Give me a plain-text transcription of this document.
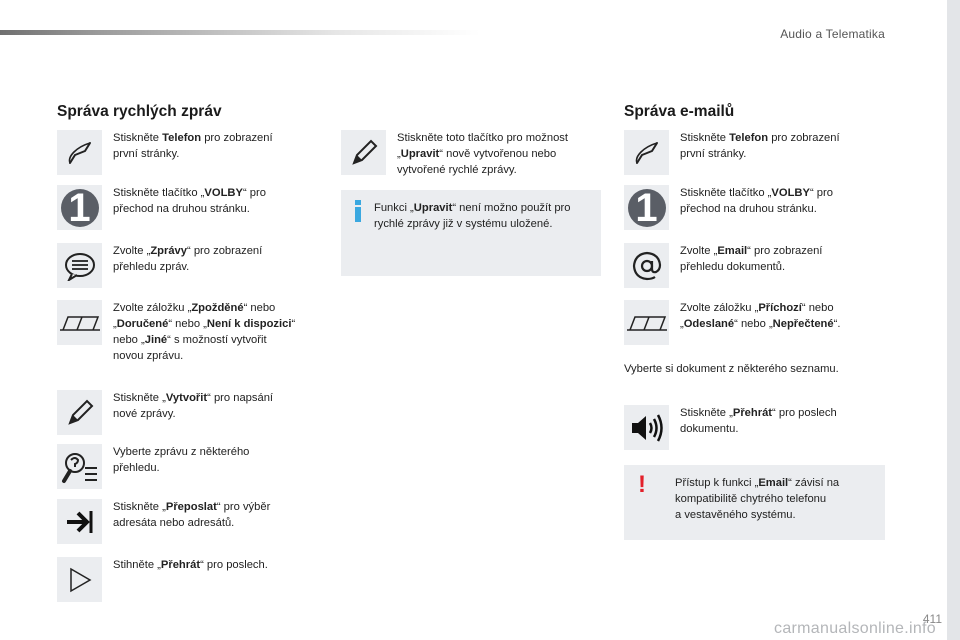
Audio a Telematika
Správa rychlých zpráv
Stiskněte Telefon pro zobrazení
první stránky.
1	Stiskněte tlačítko „VOLBY“ pro
přechod na druhou stránku.
Zvolte „Zprávy“ pro zobrazení
přehledu zpráv.
Zvolte záložku „Zpožděné“ nebo
„Doručené“ nebo „Není k dispozici“
nebo „Jiné“ s možností vytvořit
novou zprávu.
Stiskněte „Vytvořit“ pro napsání
nové zprávy.
Vyberte zprávu z některého
přehledu.
Stiskněte „Přeposlat“ pro výběr
adresáta nebo adresátů.
Stihněte „Přehrát“ pro poslech.
Stiskněte toto tlačítko pro možnost
„Upravit“ nově vytvořenou nebo
vytvořené rychlé zprávy.
Funkci „Upravit“ není možno použít pro
rychlé zprávy již v systému uložené.
Správa e-mailů
Stiskněte Telefon pro zobrazení
první stránky.
1	Stiskněte tlačítko „VOLBY“ pro
přechod na druhou stránku.
Zvolte „Email“ pro zobrazení
přehledu dokumentů.
Zvolte záložku „Příchozí“ nebo
„Odeslané“ nebo „Nepřečtené“.
Vyberte si dokument z některého seznamu.
Stiskněte „Přehrát“ pro poslech
dokumentu.
!	Přístup k funkci „Email“ závisí na
kompatibilitě chytrého telefonu
a vestavěného systému.
carmanualsonline.info
411
